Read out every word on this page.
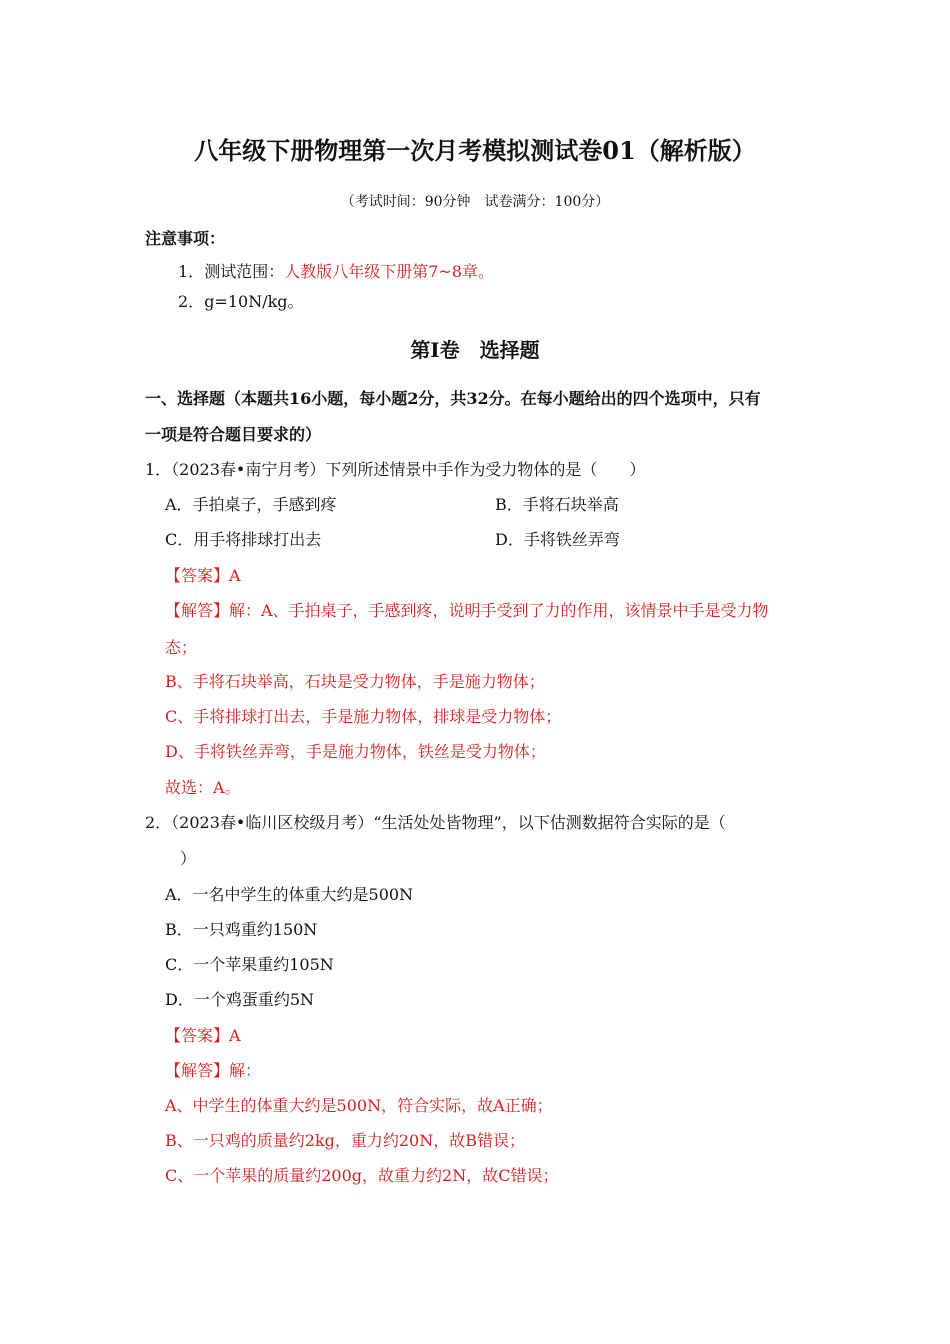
八年级下册物理第一次月考模拟测试卷01（解析版）
（考试时间：90分钟　试卷满分：100分）
注意事项：
1．测试范围：人教版八年级下册第7~8章。
2．g=10N/kg。
第Ⅰ卷　选择题
一、选择题（本题共16小题，每小题2分，共32分。在每小题给出的四个选项中，只有
一项是符合题目要求的）
1．（2023春•南宁月考）下列所述情景中手作为受力物体的是（　　）
A．手拍桌子，手感到疼	B．手将石块举高
C．用手将排球打出去	D．手将铁丝弄弯
【答案】A
【解答】解：A、手拍桌子，手感到疼，说明手受到了力的作用，该情景中手是受力物
态；
B、手将石块举高，石块是受力物体，手是施力物体；
C、手将排球打出去，手是施力物体，排球是受力物体；
D、手将铁丝弄弯，手是施力物体，铁丝是受力物体；
故选：A。
2．（2023春•临川区校级月考）“生活处处皆物理”，以下估测数据符合实际的是（
）
A．一名中学生的体重大约是500N
B．一只鸡重约150N
C．一个苹果重约105N
D．一个鸡蛋重约5N
【答案】A
【解答】解：
A、中学生的体重大约是500N，符合实际，故A正确；
B、一只鸡的质量约2kg，重力约20N，故B错误；
C、一个苹果的质量约200g，故重力约2N，故C错误；
